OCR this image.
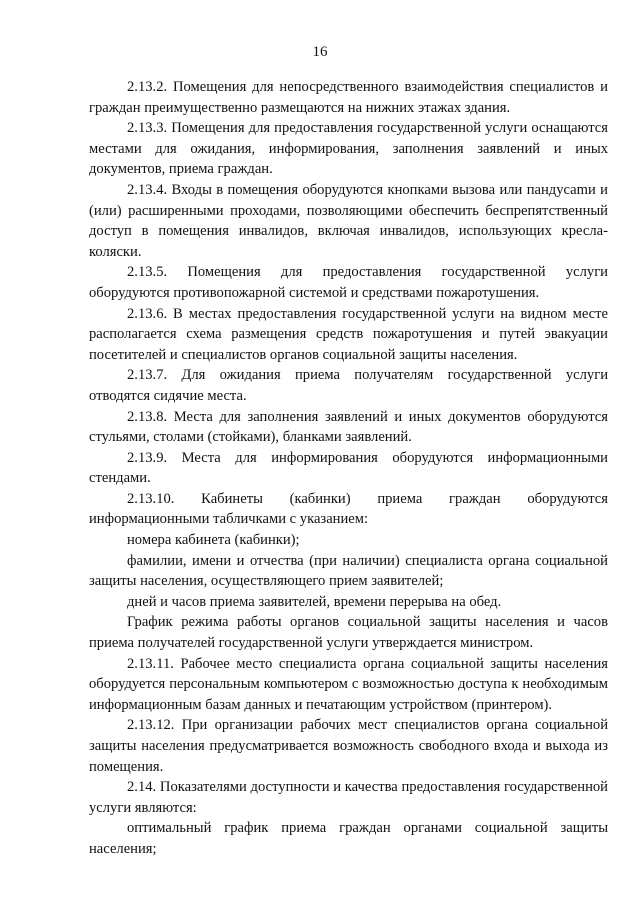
16

2.13.2. Помещения для непосредственного взаимодействия специалистов и граждан преимущественно размещаются на нижних этажах здания.

2.13.3. Помещения для предоставления государственной услуги оснащаются местами для ожидания, информирования, заполнения заявлений и иных документов, приема граждан.

2.13.4. Входы в помещения оборудуются кнопками вызова или пандусаmи и (или) расширенными проходами, позволяющими обеспечить беспрепятственный доступ в помещения инвалидов, включая инвалидов, использующих кресла-коляски.

2.13.5. Помещения для предоставления государственной услуги оборудуются противопожарной системой и средствами пожаротушения.

2.13.6. В местах предоставления государственной услуги на видном месте располагается схема размещения средств пожаротушения и путей эвакуации посетителей и специалистов органов социальной защиты населения.

2.13.7. Для ожидания приема получателям государственной услуги отводятся сидячие места.

2.13.8. Места для заполнения заявлений и иных документов оборудуются стульями, столами (стойками), бланками заявлений.

2.13.9. Места для информирования оборудуются информационными стендами.

2.13.10. Кабинеты (кабинки) приема граждан оборудуются информационными табличками с указанием:

номера кабинета (кабинки);

фамилии, имени и отчества (при наличии) специалиста органа социальной защиты населения, осуществляющего прием заявителей;

дней и часов приема заявителей, времени перерыва на обед.

График режима работы органов социальной защиты населения и часов приема получателей государственной услуги утверждается министром.

2.13.11. Рабочее место специалиста органа социальной защиты населения оборудуется персональным компьютером с возможностью доступа к необходимым информационным базам данных и печатающим устройством (принтером).

2.13.12. При организации рабочих мест специалистов органа социальной защиты населения предусматривается возможность свободного входа и выхода из помещения.

2.14. Показателями доступности и качества предоставления государственной услуги являются:

оптимальный график приема граждан органами социальной защиты населения;
